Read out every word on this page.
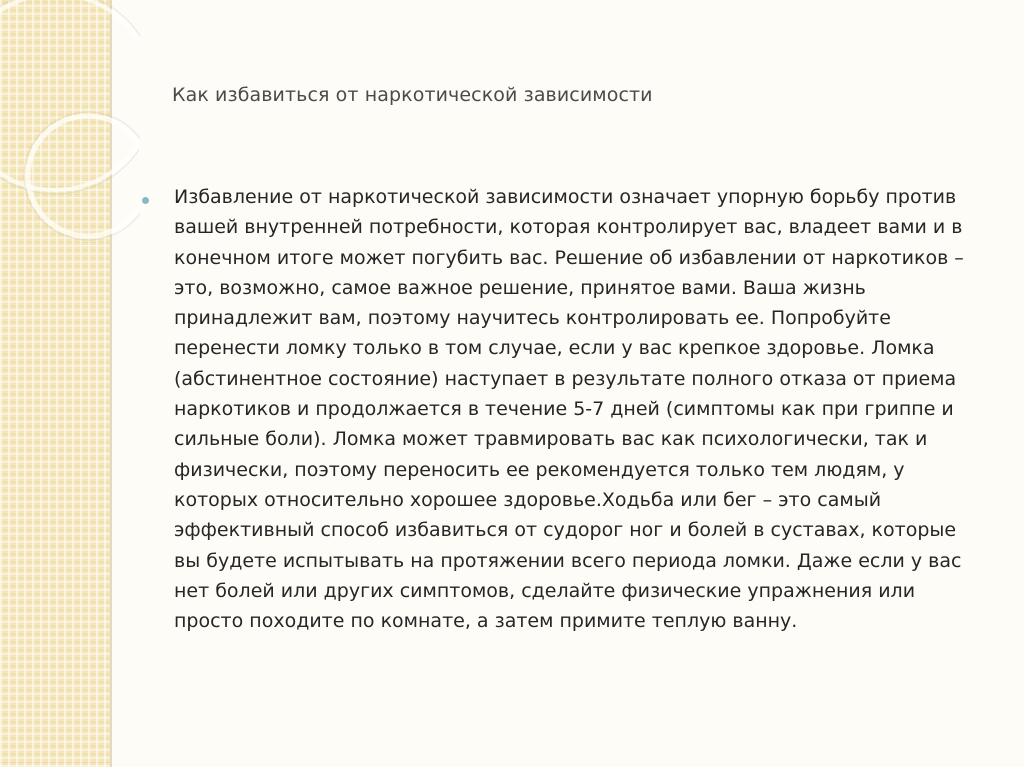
Как избавиться от наркотической зависимости

Избавление от наркотической зависимости означает упорную борьбу против вашей внутренней потребности, которая контролирует вас, владеет вами и в конечном итоге может погубить вас. Решение об избавлении от наркотиков – это, возможно, самое важное решение, принятое вами. Ваша жизнь принадлежит вам, поэтому научитесь контролировать ее. Попробуйте перенести ломку только в том случае, если у вас крепкое здоровье. Ломка (абстинентное состояние) наступает в результате полного отказа от приема наркотиков и продолжается в течение 5-7 дней (симптомы как при гриппе и сильные боли). Ломка может травмировать вас как психологически, так и физически, поэтому переносить ее рекомендуется только тем людям, у которых относительно хорошее здоровье.Ходьба или бег – это самый эффективный способ избавиться от судорог ног и болей в суставах, которые вы будете испытывать на протяжении всего периода ломки. Даже если у вас нет болей или других симптомов, сделайте физические упражнения или просто походите по комнате, а затем примите теплую ванну.
